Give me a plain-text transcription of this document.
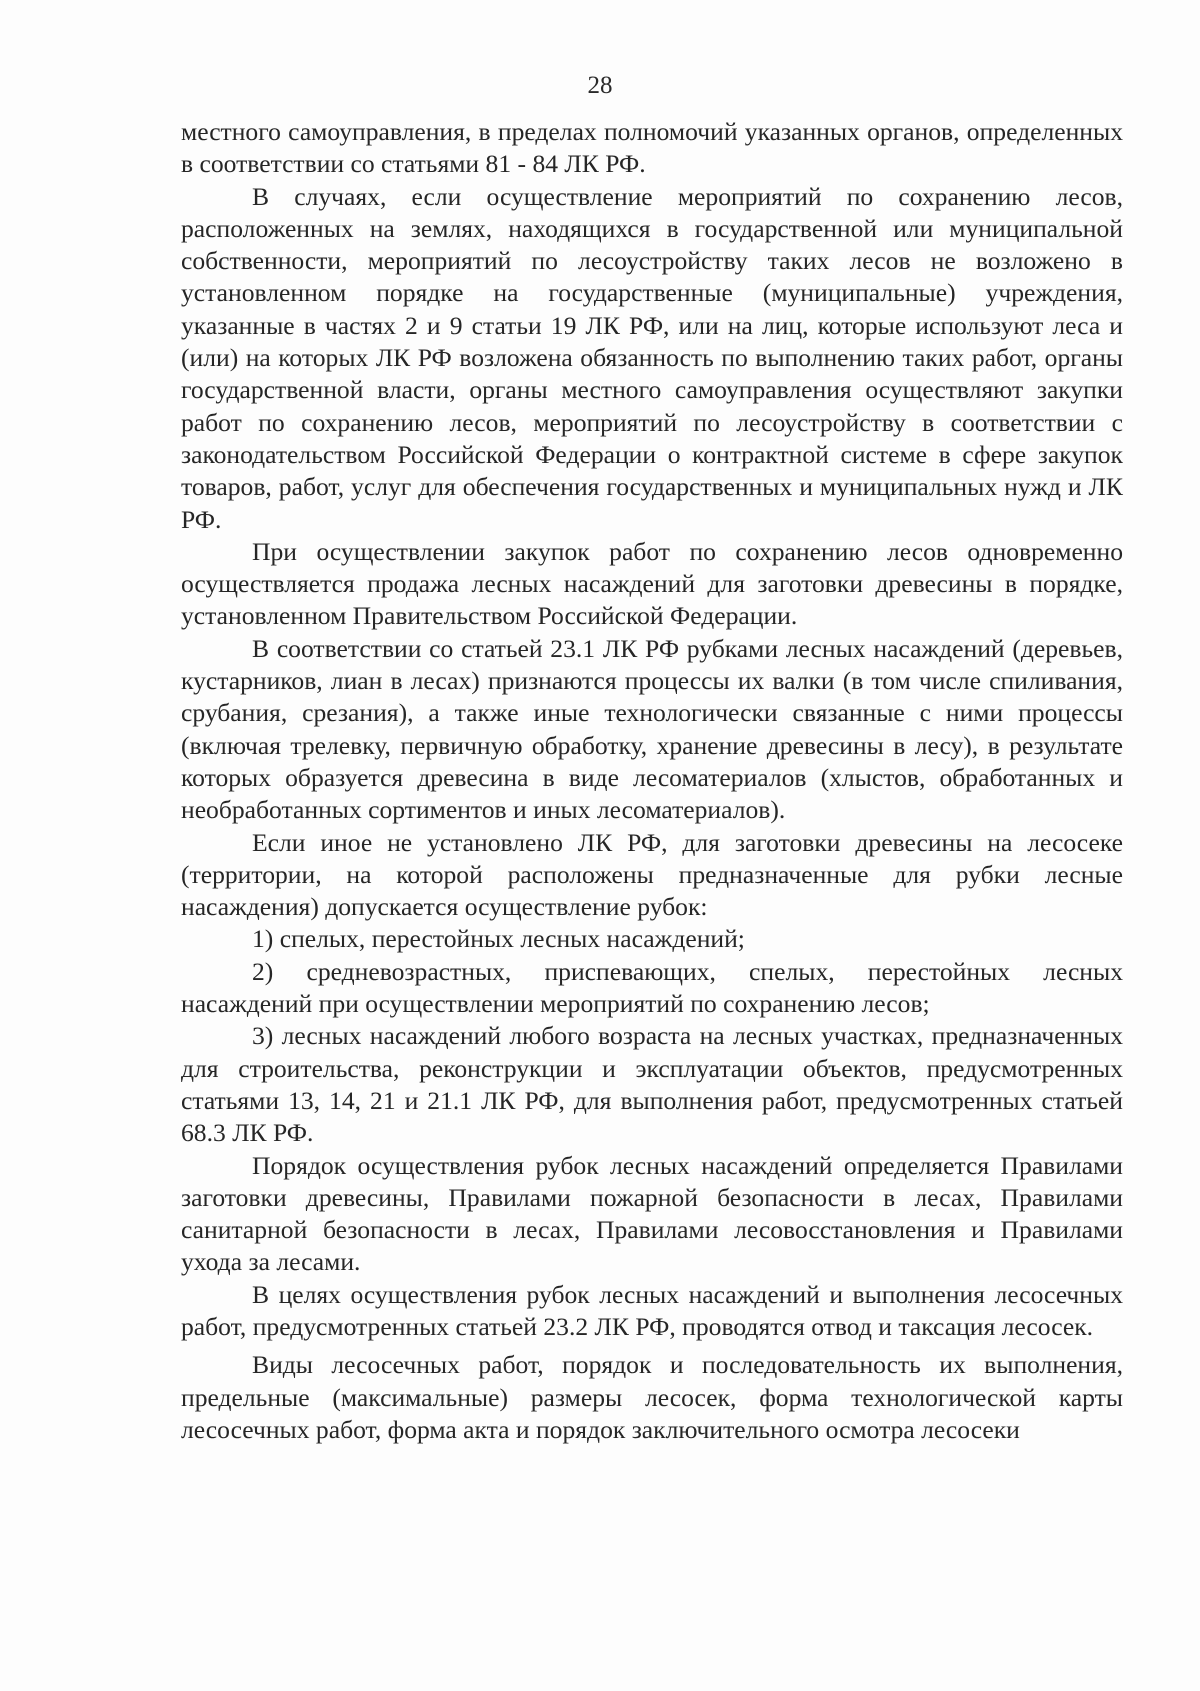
28

местного самоуправления, в пределах полномочий указанных органов, определенных в соответствии со статьями 81 - 84 ЛК РФ.

В случаях, если осуществление мероприятий по сохранению лесов, расположенных на землях, находящихся в государственной или муниципальной собственности, мероприятий по лесоустройству таких лесов не возложено в установленном порядке на государственные (муниципальные) учреждения, указанные в частях 2 и 9 статьи 19 ЛК РФ, или на лиц, которые используют леса и (или) на которых ЛК РФ возложена обязанность по выполнению таких работ, органы государственной власти, органы местного самоуправления осуществляют закупки работ по сохранению лесов, мероприятий по лесоустройству в соответствии с законодательством Российской Федерации о контрактной системе в сфере закупок товаров, работ, услуг для обеспечения государственных и муниципальных нужд и ЛК РФ.

При осуществлении закупок работ по сохранению лесов одновременно осуществляется продажа лесных насаждений для заготовки древесины в порядке, установленном Правительством Российской Федерации.

В соответствии со статьей 23.1 ЛК РФ рубками лесных насаждений (деревьев, кустарников, лиан в лесах) признаются процессы их валки (в том числе спиливания, срубания, срезания), а также иные технологически связанные с ними процессы (включая трелевку, первичную обработку, хранение древесины в лесу), в результате которых образуется древесина в виде лесоматериалов (хлыстов, обработанных и необработанных сортиментов и иных лесоматериалов).

Если иное не установлено ЛК РФ, для заготовки древесины на лесосеке (территории, на которой расположены предназначенные для рубки лесные насаждения) допускается осуществление рубок:

1) спелых, перестойных лесных насаждений;

2) средневозрастных, приспевающих, спелых, перестойных лесных насаждений при осуществлении мероприятий по сохранению лесов;

3) лесных насаждений любого возраста на лесных участках, предназначенных для строительства, реконструкции и эксплуатации объектов, предусмотренных статьями 13, 14, 21 и 21.1 ЛК РФ, для выполнения работ, предусмотренных статьей 68.3 ЛК РФ.

Порядок осуществления рубок лесных насаждений определяется Правилами заготовки древесины, Правилами пожарной безопасности в лесах, Правилами санитарной безопасности в лесах, Правилами лесовосстановления и Правилами ухода за лесами.

В целях осуществления рубок лесных насаждений и выполнения лесосечных работ, предусмотренных статьей 23.2 ЛК РФ, проводятся отвод и таксация лесосек.

Виды лесосечных работ, порядок и последовательность их выполнения, предельные (максимальные) размеры лесосек, форма технологической карты лесосечных работ, форма акта и порядок заключительного осмотра лесосеки
